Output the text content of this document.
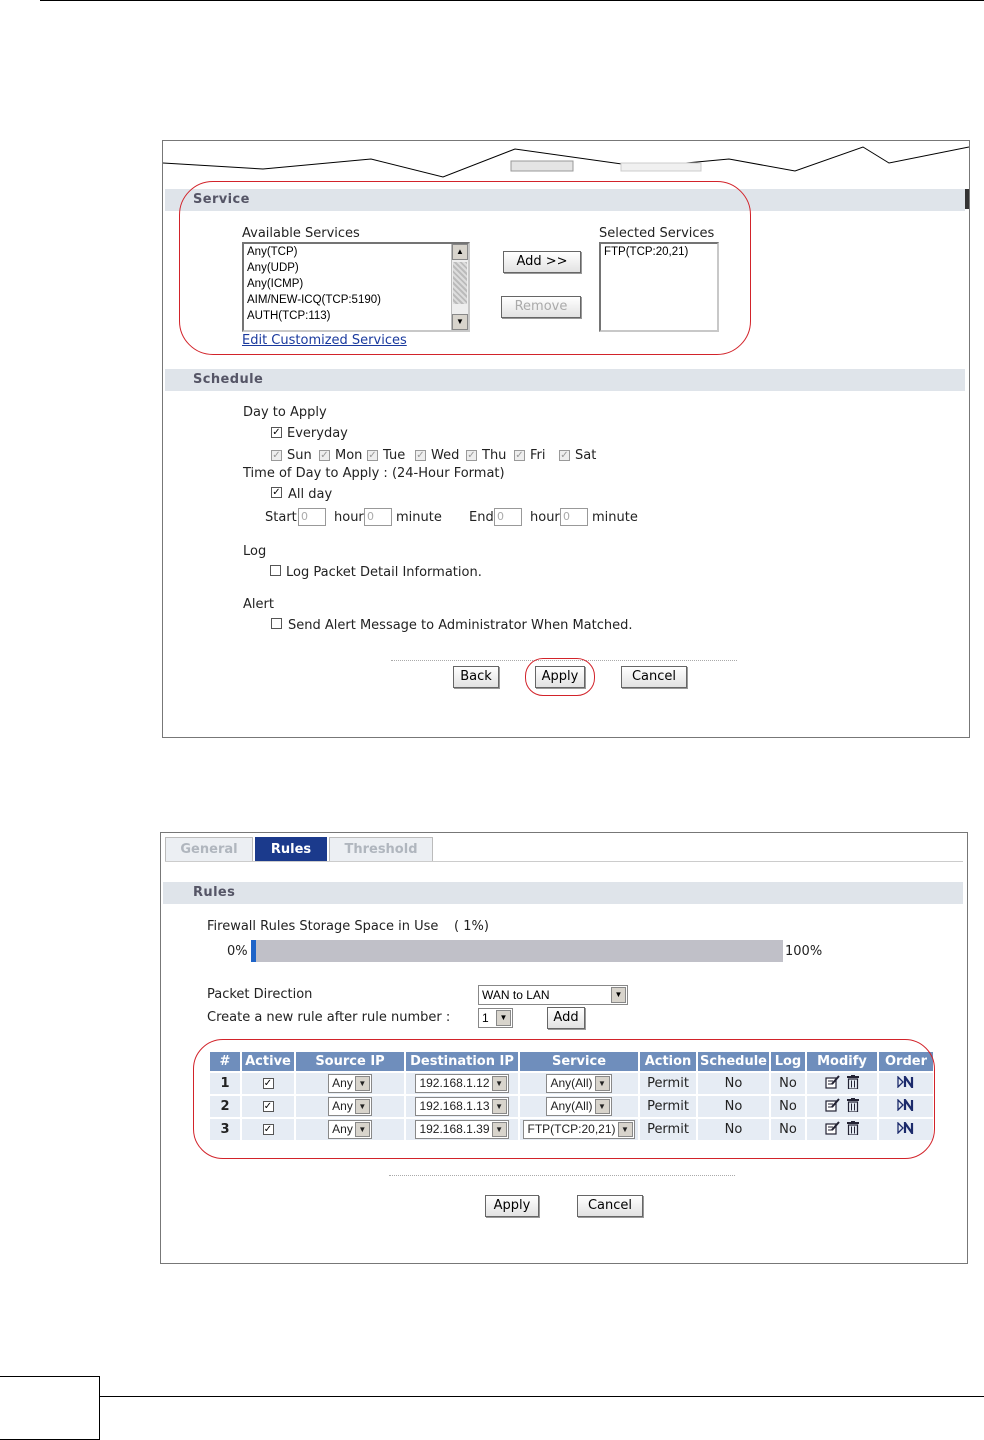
Service
Available Services
Any(TCP)
Any(UDP)
Any(ICMP)
AIM/NEW-ICQ(TCP:5190)
AUTH(TCP:113)
▲
▼
Selected Services
FTP(TCP:20,21)
Add >>
Remove
Edit Customized Services
Schedule
Day to Apply
✓ Everyday
✓ Sun ✓ Mon ✓ Tue ✓ Wed ✓ Thu ✓ Fri ✓ Sat
Time of Day to Apply : (24-Hour Format)
✓ All day
Start 0	hour 0	minute End 0	hour 0	minute
Log
Log Packet Detail Information.
Alert
Send Alert Message to Administrator When Matched.
Back	Apply	Cancel
General	Rules	Threshold
Rules
Firewall Rules Storage Space in Use ( 1%)
0%	100%
Packet Direction	WAN to LAN	▼
Create a new rule after rule number :	1	▼	Add
#	Active	Source IP	Destination IP	Service	Action	Schedule	Log	Modify	Order
1	✓	Any ▼	192.168.1.12 ▼	Any(All) ▼	Permit	No	No		
2	✓	Any ▼	192.168.1.13 ▼	Any(All) ▼	Permit	No	No		
3	✓	Any ▼	192.168.1.39 ▼	FTP(TCP:20,21) ▼	Permit	No	No		
Apply	Cancel
